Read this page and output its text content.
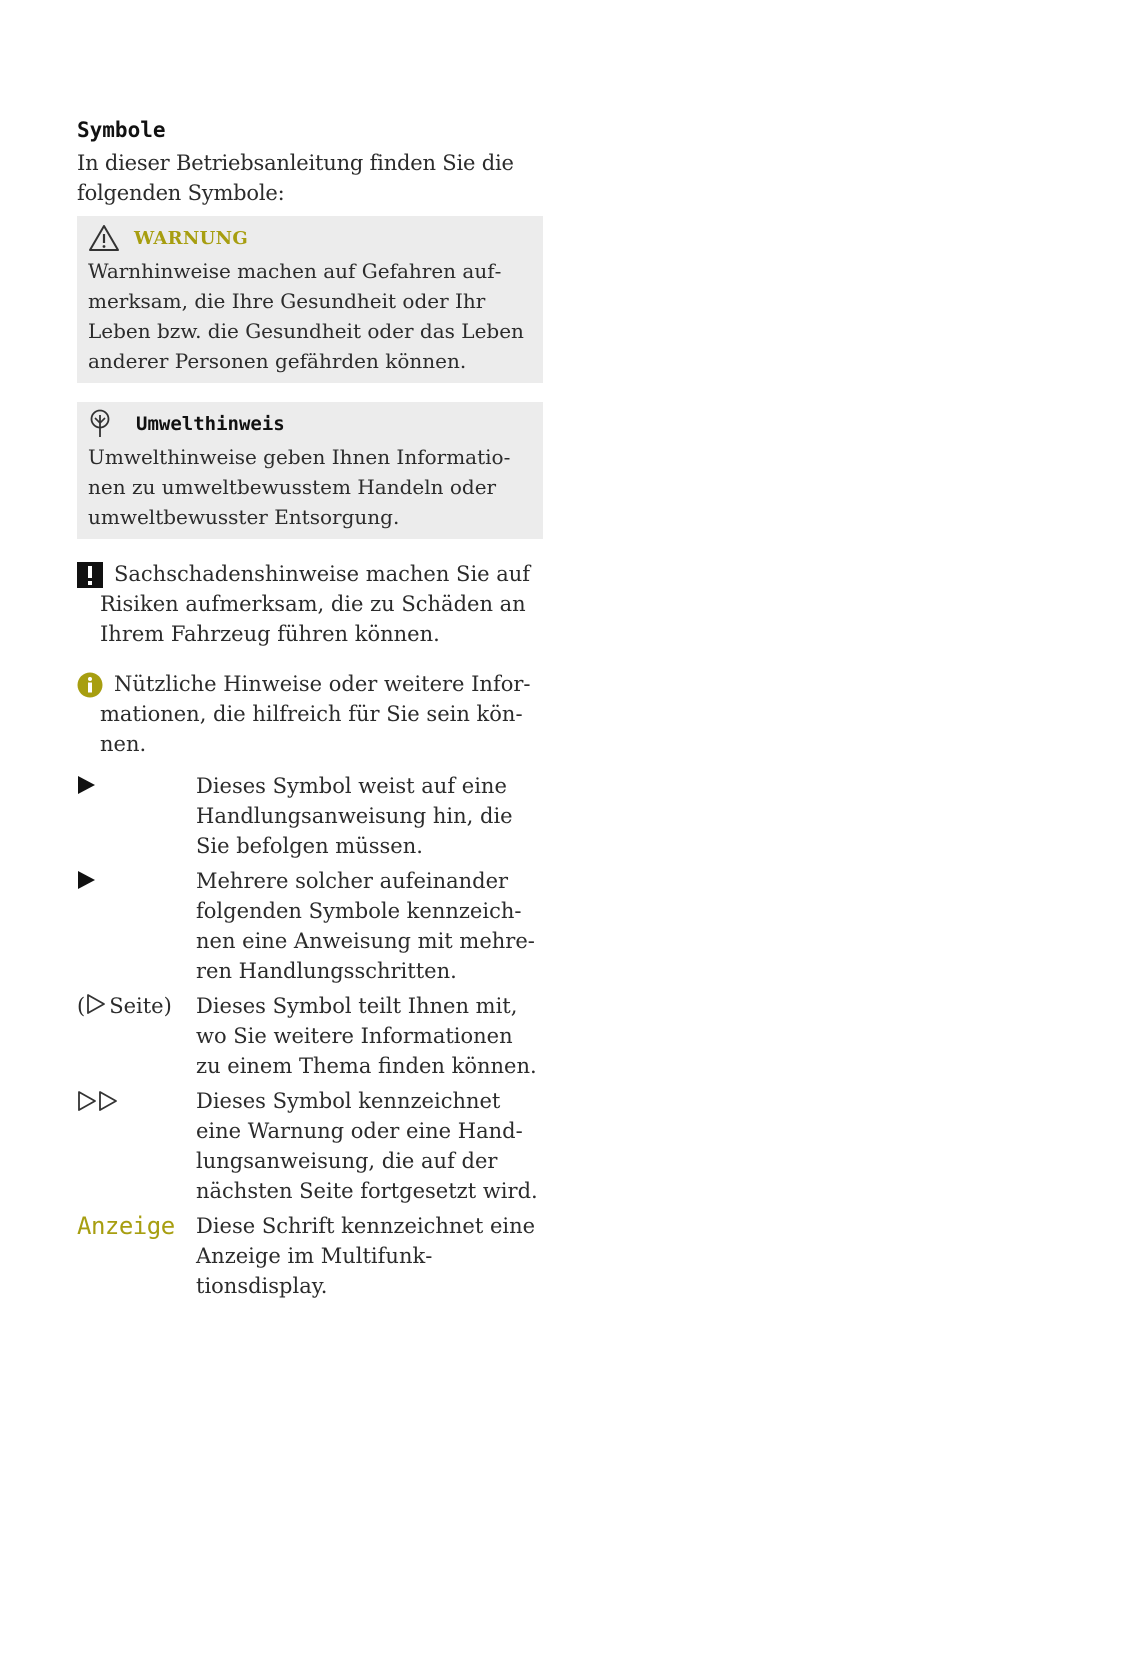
Symbole

In dieser Betriebsanleitung finden Sie die folgenden Symbole:

WARNUNG
Warnhinweise machen auf Gefahren aufmerksam, die Ihre Gesundheit oder Ihr Leben bzw. die Gesundheit oder das Leben anderer Personen gefährden können.
Umwelthinweis
Umwelthinweise geben Ihnen Informationen zu umweltbewusstem Handeln oder umweltbewusster Entsorgung.
Sachschadenshinweise machen Sie auf Risiken aufmerksam, die zu Schäden an Ihrem Fahrzeug führen können.
Nützliche Hinweise oder weitere Informationen, die hilfreich für Sie sein können.
Dieses Symbol weist auf eine Handlungsanweisung hin, die Sie befolgen müssen.
Mehrere solcher aufeinander folgenden Symbole kennzeichnen eine Anweisung mit mehreren Handlungsschritten.
( Seite) Dieses Symbol teilt Ihnen mit, wo Sie weitere Informationen zu einem Thema finden können.
Dieses Symbol kennzeichnet eine Warnung oder eine Handlungsanweisung, die auf der nächsten Seite fortgesetzt wird.
Anzeige	Diese Schrift kennzeichnet eine Anzeige im Multifunktionsdisplay.
